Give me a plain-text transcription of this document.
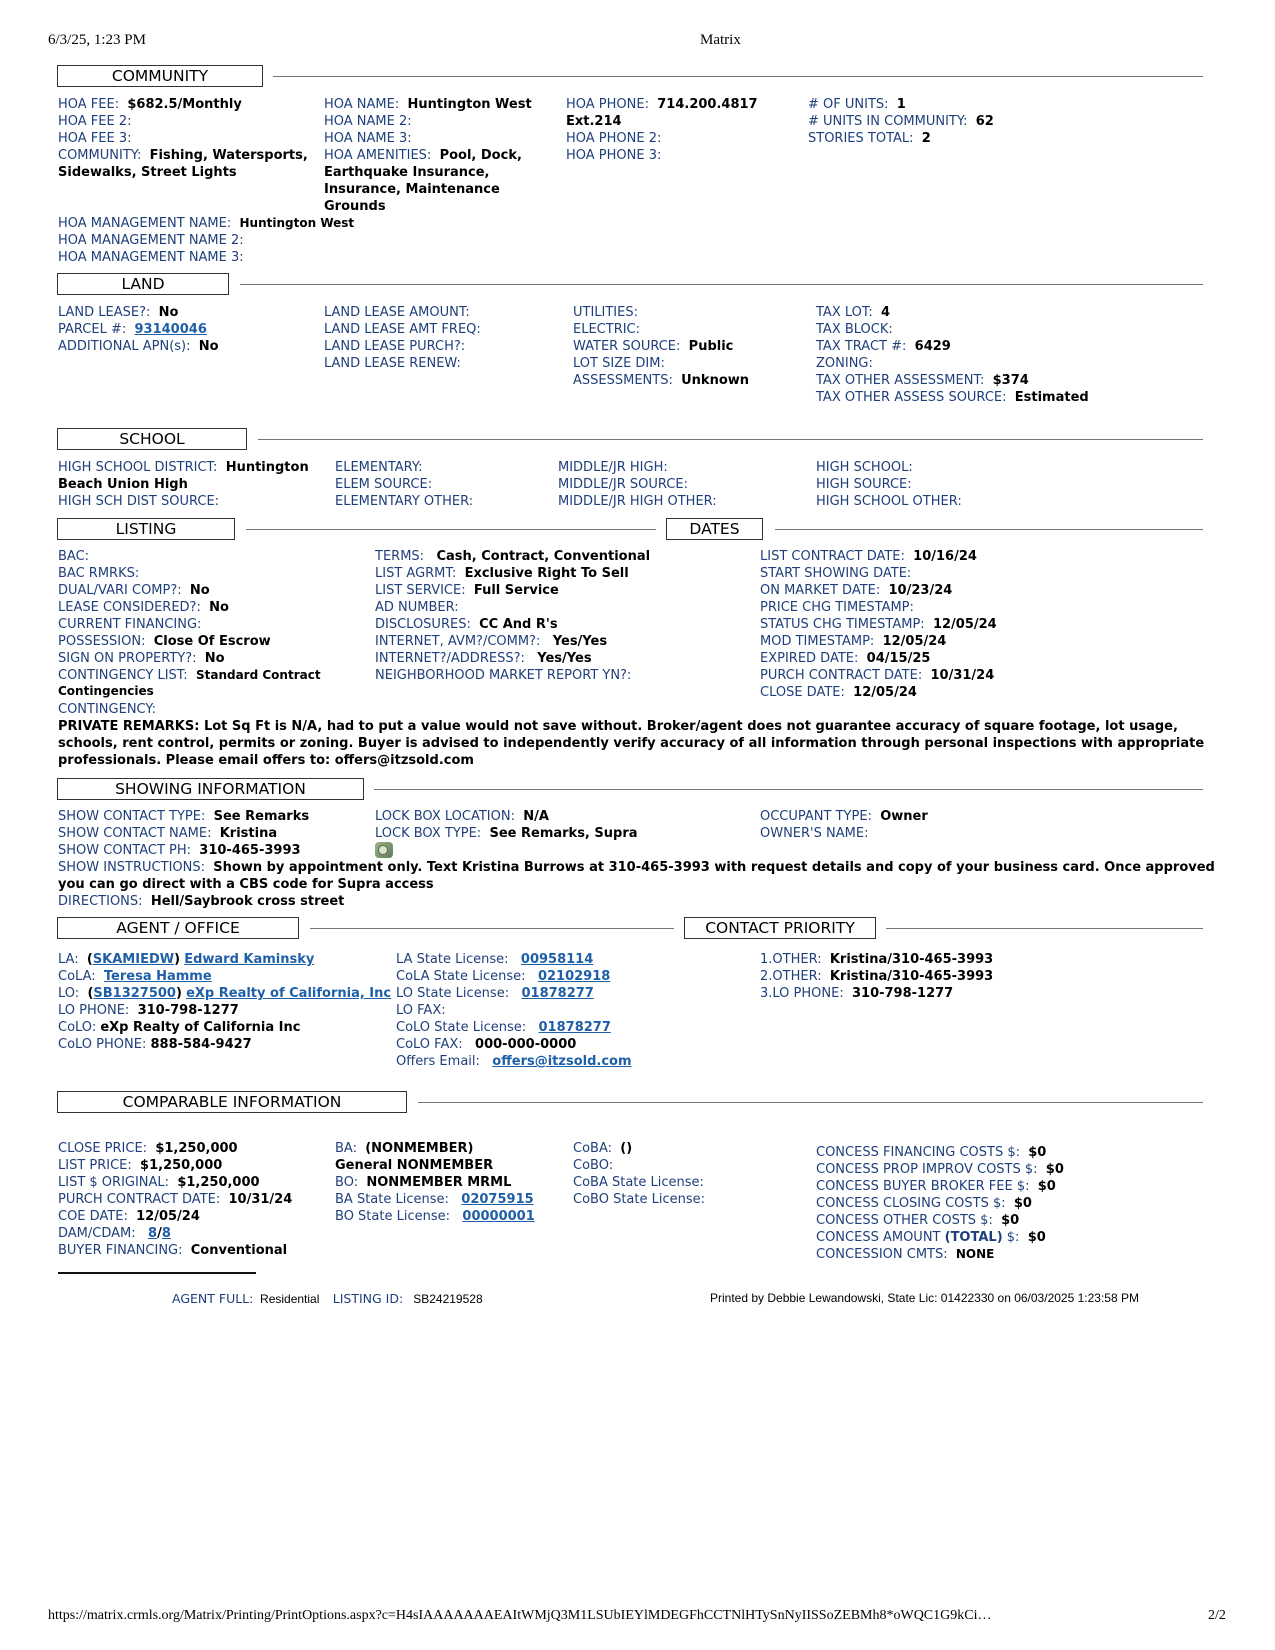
6/3/25, 1:23 PM	Matrix
COMMUNITY
HOA FEE: $682.5/Monthly
HOA FEE 2:
HOA FEE 3:
COMMUNITY: Fishing, Watersports,
Sidewalks, Street Lights
HOA NAME: Huntington West
HOA NAME 2:
HOA NAME 3:
HOA AMENITIES: Pool, Dock,
Earthquake Insurance,
Insurance, Maintenance
Grounds
HOA PHONE: 714.200.4817
Ext.214
HOA PHONE 2:
HOA PHONE 3:
# OF UNITS: 1
# UNITS IN COMMUNITY: 62
STORIES TOTAL: 2
HOA MANAGEMENT NAME: Huntington West
HOA MANAGEMENT NAME 2:
HOA MANAGEMENT NAME 3:
LAND
LAND LEASE?: No
PARCEL #: 93140046
ADDITIONAL APN(s): No
LAND LEASE AMOUNT:
LAND LEASE AMT FREQ:
LAND LEASE PURCH?:
LAND LEASE RENEW:
UTILITIES:
ELECTRIC:
WATER SOURCE: Public
LOT SIZE DIM:
ASSESSMENTS: Unknown
TAX LOT: 4
TAX BLOCK:
TAX TRACT #: 6429
ZONING:
TAX OTHER ASSESSMENT: $374
TAX OTHER ASSESS SOURCE: Estimated
SCHOOL
HIGH SCHOOL DISTRICT: Huntington
Beach Union High
HIGH SCH DIST SOURCE:
ELEMENTARY:
ELEM SOURCE:
ELEMENTARY OTHER:
MIDDLE/JR HIGH:
MIDDLE/JR SOURCE:
MIDDLE/JR HIGH OTHER:
HIGH SCHOOL:
HIGH SOURCE:
HIGH SCHOOL OTHER:
LISTING	DATES
BAC:
BAC RMRKS:
DUAL/VARI COMP?: No
LEASE CONSIDERED?: No
CURRENT FINANCING:
POSSESSION: Close Of Escrow
SIGN ON PROPERTY?: No
CONTINGENCY LIST: Standard Contract
Contingencies
CONTINGENCY:
TERMS: Cash, Contract, Conventional
LIST AGRMT: Exclusive Right To Sell
LIST SERVICE: Full Service
AD NUMBER:
DISCLOSURES: CC And R's
INTERNET, AVM?/COMM?: Yes/Yes
INTERNET?/ADDRESS?: Yes/Yes
NEIGHBORHOOD MARKET REPORT YN?:
LIST CONTRACT DATE: 10/16/24
START SHOWING DATE:
ON MARKET DATE: 10/23/24
PRICE CHG TIMESTAMP:
STATUS CHG TIMESTAMP: 12/05/24
MOD TIMESTAMP: 12/05/24
EXPIRED DATE: 04/15/25
PURCH CONTRACT DATE: 10/31/24
CLOSE DATE: 12/05/24
PRIVATE REMARKS: Lot Sq Ft is N/A, had to put a value would not save without. Broker/agent does not guarantee accuracy of square footage, lot usage, schools, rent control, permits or zoning. Buyer is advised to independently verify accuracy of all information through personal inspections with appropriate professionals. Please email offers to: offers@itzsold.com
SHOWING INFORMATION
SHOW CONTACT TYPE: See Remarks
SHOW CONTACT NAME: Kristina
SHOW CONTACT PH: 310-465-3993
LOCK BOX LOCATION: N/A
LOCK BOX TYPE: See Remarks, Supra
OCCUPANT TYPE: Owner
OWNER'S NAME:
SHOW INSTRUCTIONS: Shown by appointment only. Text Kristina Burrows at 310-465-3993 with request details and copy of your business card. Once approved you can go direct with a CBS code for Supra access
DIRECTIONS: Hell/Saybrook cross street
AGENT / OFFICE	CONTACT PRIORITY
LA: (SKAMIEDW) Edward Kaminsky
CoLA: Teresa Hamme
LO: (SB1327500) eXp Realty of California, Inc
LO PHONE: 310-798-1277
CoLO: eXp Realty of California Inc
CoLO PHONE: 888-584-9427
LA State License: 00958114
CoLA State License: 02102918
LO State License: 01878277
LO FAX:
CoLO State License: 01878277
CoLO FAX: 000-000-0000
Offers Email: offers@itzsold.com
1.OTHER: Kristina/310-465-3993
2.OTHER: Kristina/310-465-3993
3.LO PHONE: 310-798-1277
COMPARABLE INFORMATION
CLOSE PRICE: $1,250,000
LIST PRICE: $1,250,000
LIST $ ORIGINAL: $1,250,000
PURCH CONTRACT DATE: 10/31/24
COE DATE: 12/05/24
DAM/CDAM: 8/8
BUYER FINANCING: Conventional
BA: (NONMEMBER)
General NONMEMBER
BO: NONMEMBER MRML
BA State License: 02075915
BO State License: 00000001
CoBA: ()
CoBO:
CoBA State License:
CoBO State License:
CONCESS FINANCING COSTS $: $0
CONCESS PROP IMPROV COSTS $: $0
CONCESS BUYER BROKER FEE $: $0
CONCESS CLOSING COSTS $: $0
CONCESS OTHER COSTS $: $0
CONCESS AMOUNT (TOTAL) $: $0
CONCESSION CMTS: NONE
AGENT FULL: Residential LISTING ID: SB24219528	Printed by Debbie Lewandowski, State Lic: 01422330 on 06/03/2025 1:23:58 PM
https://matrix.crmls.org/Matrix/Printing/PrintOptions.aspx?c=H4sIAAAAAAAEAItWMjQ3M1LSUbIEYlMDEGFhCCTNlHTySnNyIISSoZEBMh8*oWQC1G9kCi…	2/2
